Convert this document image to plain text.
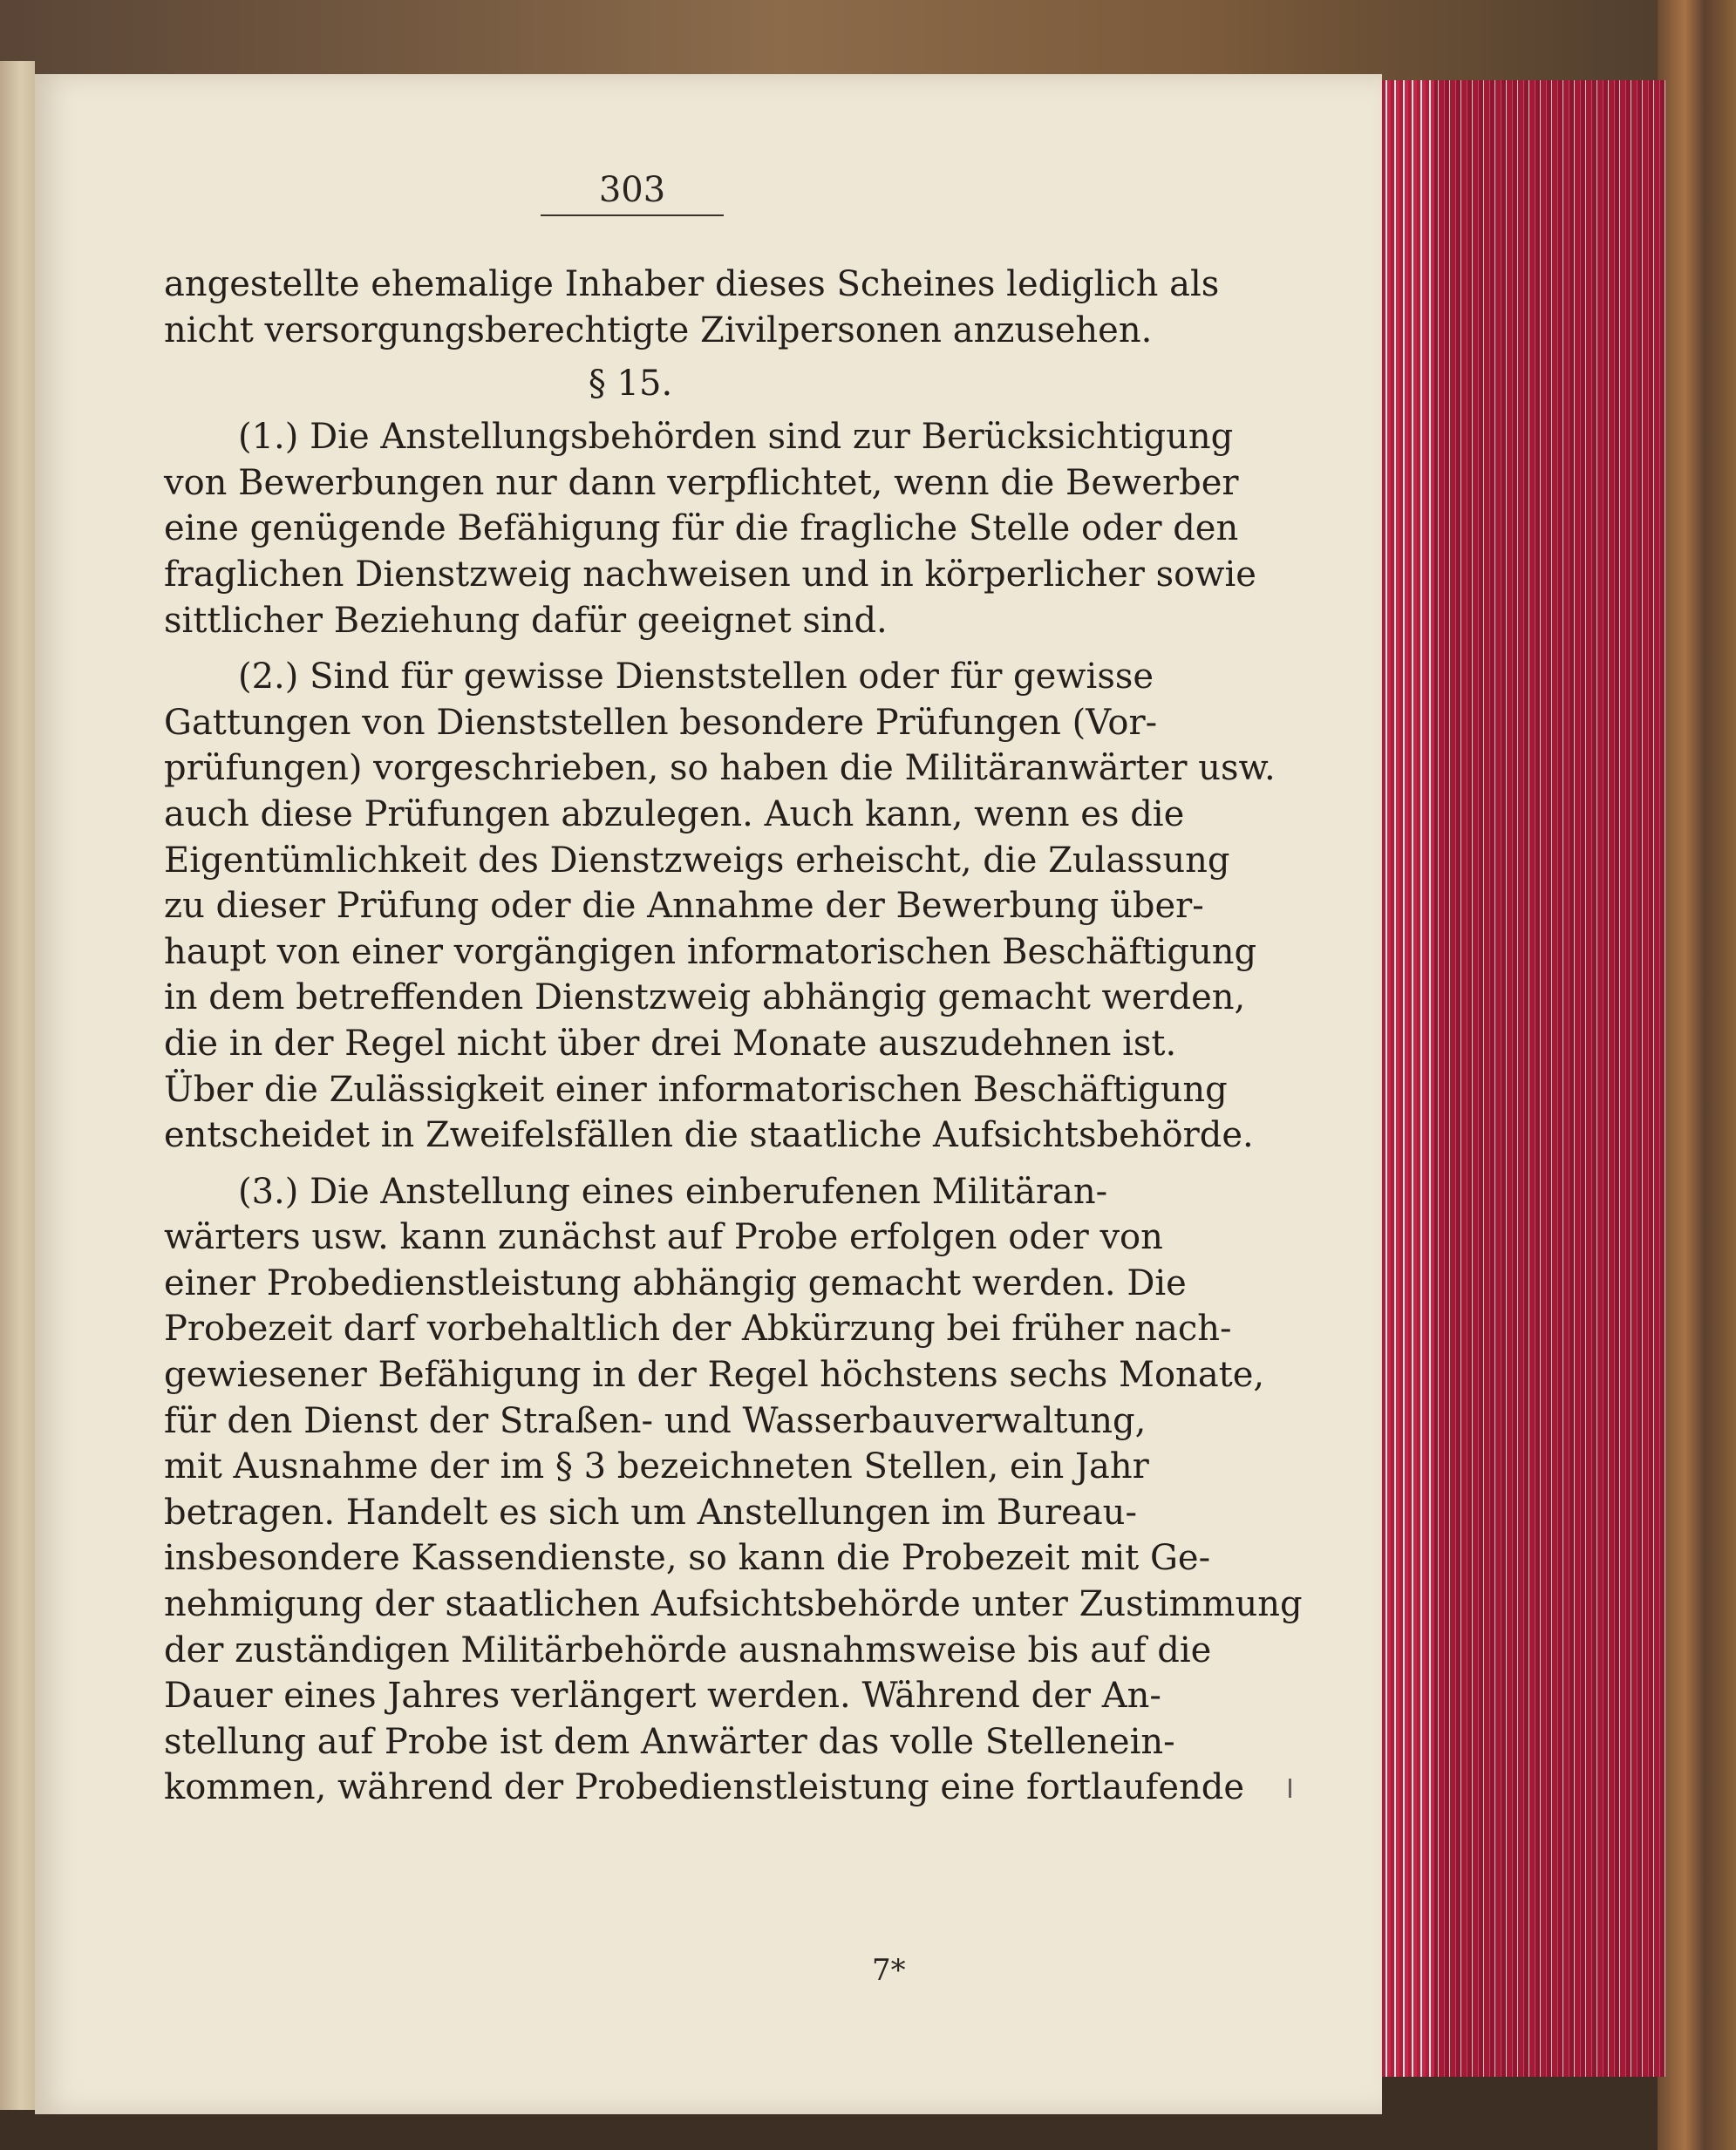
303
angestellte ehemalige Inhaber dieses Scheines lediglich als
nicht versorgungsberechtigte Zivilpersonen anzusehen.
§ 15.
(1.) Die Anstellungsbehörden sind zur Berücksichtigung
von Bewerbungen nur dann verpflichtet, wenn die Bewerber
eine genügende Befähigung für die fragliche Stelle oder den
fraglichen Dienstzweig nachweisen und in körperlicher sowie
sittlicher Beziehung dafür geeignet sind.
(2.) Sind für gewisse Dienststellen oder für gewisse
Gattungen von Dienststellen besondere Prüfungen (Vor-
prüfungen) vorgeschrieben, so haben die Militäranwärter usw.
auch diese Prüfungen abzulegen. Auch kann, wenn es die
Eigentümlichkeit des Dienstzweigs erheischt, die Zulassung
zu dieser Prüfung oder die Annahme der Bewerbung über-
haupt von einer vorgängigen informatorischen Beschäftigung
in dem betreffenden Dienstzweig abhängig gemacht werden,
die in der Regel nicht über drei Monate auszudehnen ist.
Über die Zulässigkeit einer informatorischen Beschäftigung
entscheidet in Zweifelsfällen die staatliche Aufsichtsbehörde.
(3.) Die Anstellung eines einberufenen Militäran-
wärters usw. kann zunächst auf Probe erfolgen oder von
einer Probedienstleistung abhängig gemacht werden. Die
Probezeit darf vorbehaltlich der Abkürzung bei früher nach-
gewiesener Befähigung in der Regel höchstens sechs Monate,
für den Dienst der Straßen- und Wasserbauverwaltung,
mit Ausnahme der im § 3 bezeichneten Stellen, ein Jahr
betragen. Handelt es sich um Anstellungen im Bureau-
insbesondere Kassendienste, so kann die Probezeit mit Ge-
nehmigung der staatlichen Aufsichtsbehörde unter Zustimmung
der zuständigen Militärbehörde ausnahmsweise bis auf die
Dauer eines Jahres verlängert werden. Während der An-
stellung auf Probe ist dem Anwärter das volle Stellenein-
kommen, während der Probedienstleistung eine fortlaufende
7*
